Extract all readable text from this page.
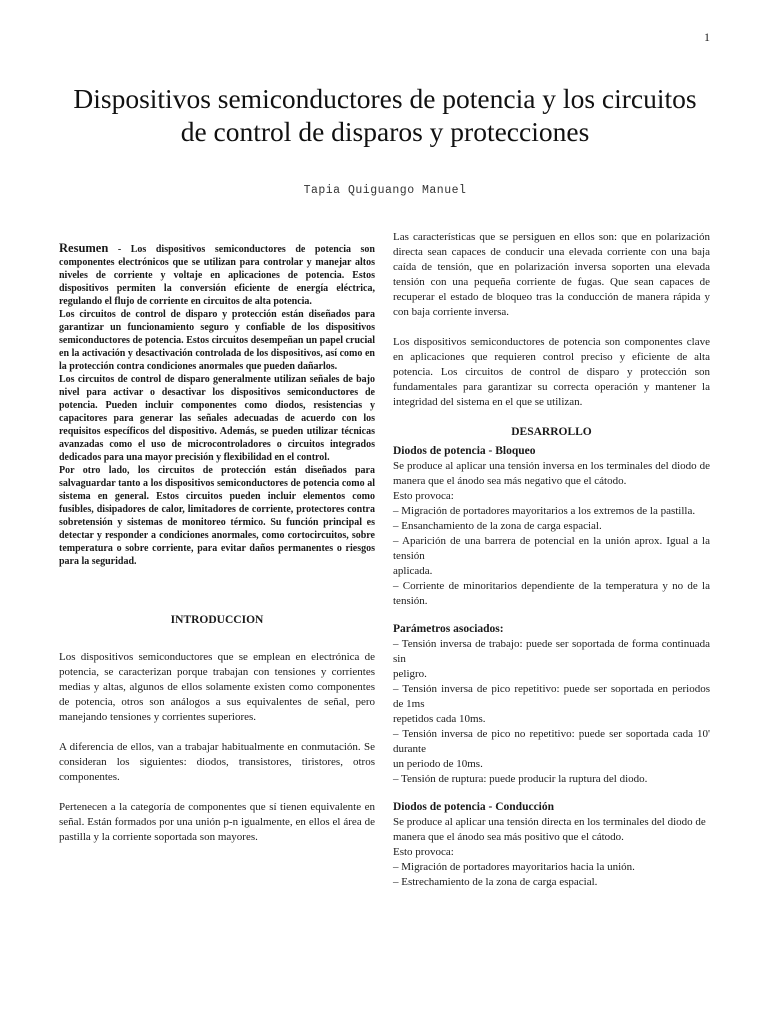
1
Dispositivos semiconductores de potencia y los circuitos de control de disparos y protecciones
Tapia Quiguango Manuel

Resumen - Los dispositivos semiconductores de potencia son componentes electrónicos que se utilizan para controlar y manejar altos niveles de corriente y voltaje en aplicaciones de potencia. Estos dispositivos permiten la conversión eficiente de energía eléctrica, regulando el flujo de corriente en circuitos de alta potencia.

Los circuitos de control de disparo y protección están diseñados para garantizar un funcionamiento seguro y confiable de los dispositivos semiconductores de potencia. Estos circuitos desempeñan un papel crucial en la activación y desactivación controlada de los dispositivos, así como en la protección contra condiciones anormales que pueden dañarlos.

Los circuitos de control de disparo generalmente utilizan señales de bajo nivel para activar o desactivar los dispositivos semiconductores de potencia. Pueden incluir componentes como diodos, resistencias y capacitores para generar las señales adecuadas de acuerdo con los requisitos específicos del dispositivo. Además, se pueden utilizar técnicas avanzadas como el uso de microcontroladores o circuitos integrados dedicados para una mayor precisión y flexibilidad en el control.

Por otro lado, los circuitos de protección están diseñados para salvaguardar tanto a los dispositivos semiconductores de potencia como al sistema en general. Estos circuitos pueden incluir elementos como fusibles, disipadores de calor, limitadores de corriente, protectores contra sobretensión y sistemas de monitoreo térmico. Su función principal es detectar y responder a condiciones anormales, como cortocircuitos, sobre temperatura o sobre corriente, para evitar daños permanentes o riesgos para la seguridad.

INTRODUCCION

Los dispositivos semiconductores que se emplean en electrónica de potencia, se caracterizan porque trabajan con tensiones y corrientes medias y altas, algunos de ellos solamente existen como componentes de potencia, otros son análogos a sus equivalentes de señal, pero manejando tensiones y corrientes superiores.

A diferencia de ellos, van a trabajar habitualmente en conmutación. Se consideran los siguientes: diodos, transistores, tiristores, otros componentes.

Pertenecen a la categoría de componentes que sí tienen equivalente en señal. Están formados por una unión p-n igualmente, en ellos el área de pastilla y la corriente soportada son mayores.

Las características que se persiguen en ellos son: que en polarización directa sean capaces de conducir una elevada corriente con una baja caída de tensión, que en polarización inversa soporten una elevada tensión con una pequeña corriente de fugas. Que sean capaces de recuperar el estado de bloqueo tras la conducción de manera rápida y con baja corriente inversa.

Los dispositivos semiconductores de potencia son componentes clave en aplicaciones que requieren control preciso y eficiente de alta potencia. Los circuitos de control de disparo y protección son fundamentales para garantizar su correcta operación y mantener la integridad del sistema en el que se utilizan.

DESARROLLO

Diodos de potencia - Bloqueo

Se produce al aplicar una tensión inversa en los terminales del diodo de manera que el ánodo sea más negativo que el cátodo.

Esto provoca:

– Migración de portadores mayoritarios a los extremos de la pastilla.

– Ensanchamiento de la zona de carga espacial.

– Aparición de una barrera de potencial en la unión aprox. Igual a la tensión

aplicada.

– Corriente de minoritarios dependiente de la temperatura y no de la tensión.

Parámetros asociados:

– Tensión inversa de trabajo: puede ser soportada de forma continuada sin

peligro.

– Tensión inversa de pico repetitivo: puede ser soportada en periodos de 1ms

repetidos cada 10ms.

– Tensión inversa de pico no repetitivo: puede ser soportada cada 10' durante

un periodo de 10ms.

– Tensión de ruptura: puede producir la ruptura del diodo.

Diodos de potencia - Conducción

Se produce al aplicar una tensión directa en los terminales del diodo de

manera que el ánodo sea más positivo que el cátodo.

Esto provoca:

– Migración de portadores mayoritarios hacia la unión.

– Estrechamiento de la zona de carga espacial.
